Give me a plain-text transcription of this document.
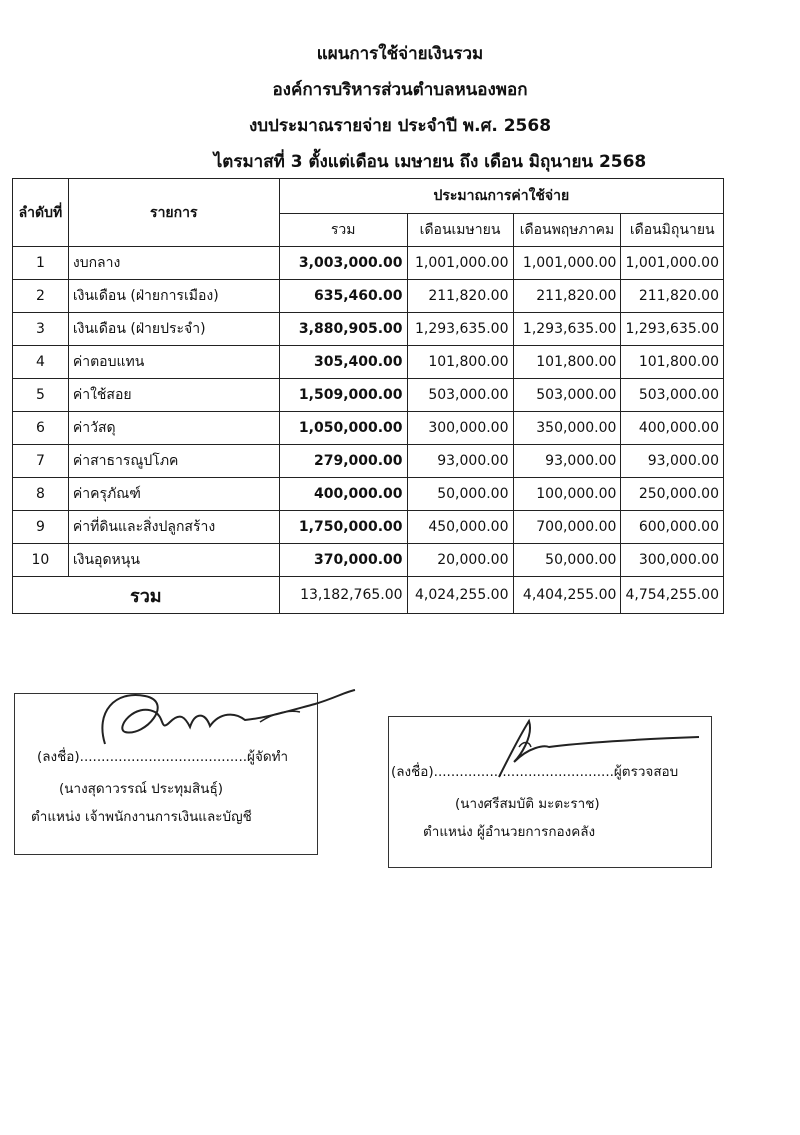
แผนการใช้จ่ายเงินรวม
องค์การบริหารส่วนตำบลหนองพอก
งบประมาณรายจ่าย ประจำปี พ.ศ. 2568
ไตรมาสที่ 3 ตั้งแต่เดือน เมษายน ถึง เดือน มิถุนายน 2568
ลำดับที่	รายการ	ประมาณการค่าใช้จ่าย			
		รวม	เดือนเมษายน	เดือนพฤษภาคม	เดือนมิถุนายน
1	งบกลาง	3,003,000.00	1,001,000.00	1,001,000.00	1,001,000.00
2	เงินเดือน (ฝ่ายการเมือง)	635,460.00	211,820.00	211,820.00	211,820.00
3	เงินเดือน (ฝ่ายประจำ)	3,880,905.00	1,293,635.00	1,293,635.00	1,293,635.00
4	ค่าตอบแทน	305,400.00	101,800.00	101,800.00	101,800.00
5	ค่าใช้สอย	1,509,000.00	503,000.00	503,000.00	503,000.00
6	ค่าวัสดุ	1,050,000.00	300,000.00	350,000.00	400,000.00
7	ค่าสาธารณูปโภค	279,000.00	93,000.00	93,000.00	93,000.00
8	ค่าครุภัณฑ์	400,000.00	50,000.00	100,000.00	250,000.00
9	ค่าที่ดินและสิ่งปลูกสร้าง	1,750,000.00	450,000.00	700,000.00	600,000.00
10	เงินอุดหนุน	370,000.00	20,000.00	50,000.00	300,000.00
รวม		13,182,765.00	4,024,255.00	4,404,255.00	4,754,255.00
(ลงชื่อ).......................................ผู้จัดทำ
(นางสุดาวรรณ์ ประทุมสินธุ์)
ตำแหน่ง เจ้าพนักงานการเงินและบัญชี
(ลงชื่อ)..........................................ผู้ตรวจสอบ
(นางศรีสมบัติ มะตะราช)
ตำแหน่ง ผู้อำนวยการกองคลัง
